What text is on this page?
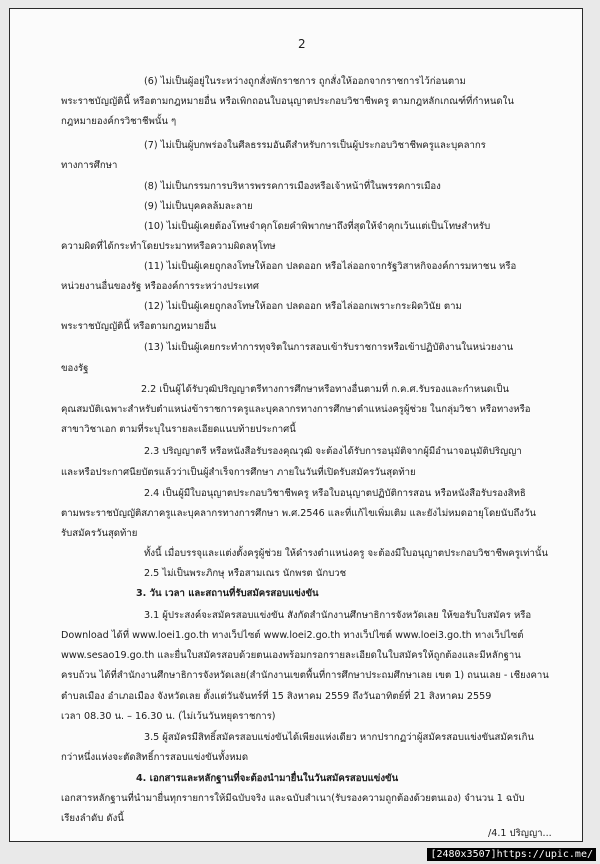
2
(6) ไม่เป็นผู้อยู่ในระหว่างถูกสั่งพักราชการ ถูกสั่งให้ออกจากราชการไว้ก่อนตาม
พระราชบัญญัตินี้ หรือตามกฎหมายอื่น หรือเพิกถอนใบอนุญาตประกอบวิชาชีพครู ตามกฎหลักเกณฑ์ที่กำหนดใน
กฎหมายองค์กรวิชาชีพนั้น ๆ
(7) ไม่เป็นผู้บกพร่องในศีลธรรมอันดีสำหรับการเป็นผู้ประกอบวิชาชีพครูและบุคลากร
ทางการศึกษา
(8) ไม่เป็นกรรมการบริหารพรรคการเมืองหรือเจ้าหน้าที่ในพรรคการเมือง
(9) ไม่เป็นบุคคลล้มละลาย
(10) ไม่เป็นผู้เคยต้องโทษจำคุกโดยคำพิพากษาถึงที่สุดให้จำคุกเว้นแต่เป็นโทษสำหรับ
ความผิดที่ได้กระทำโดยประมาทหรือความผิดลหุโทษ
(11) ไม่เป็นผู้เคยถูกลงโทษให้ออก ปลดออก หรือไล่ออกจากรัฐวิสาหกิจองค์การมหาชน หรือ
หน่วยงานอื่นของรัฐ หรือองค์การระหว่างประเทศ
(12) ไม่เป็นผู้เคยถูกลงโทษให้ออก ปลดออก หรือไล่ออกเพราะกระผิดวินัย ตาม
พระราชบัญญัตินี้ หรือตามกฎหมายอื่น
(13) ไม่เป็นผู้เคยกระทำการทุจริตในการสอบเข้ารับราชการหรือเข้าปฏิบัติงานในหน่วยงาน
ของรัฐ
2.2 เป็นผู้ได้รับวุฒิปริญญาตรีทางการศึกษาหรือทางอื่นตามที่ ก.ค.ศ.รับรองและกำหนดเป็น
คุณสมบัติเฉพาะสำหรับตำแหน่งข้าราชการครูและบุคลากรทางการศึกษาตำแหน่งครูผู้ช่วย ในกลุ่มวิชา หรือทางหรือ
สาขาวิชาเอก ตามที่ระบุในรายละเอียดแนบท้ายประกาศนี้
2.3 ปริญญาตรี หรือหนังสือรับรองคุณวุฒิ จะต้องได้รับการอนุมัติจากผู้มีอำนาจอนุมัติปริญญา
และหรือประกาศนียบัตรแล้วว่าเป็นผู้สำเร็จการศึกษา ภายในวันที่เปิดรับสมัครวันสุดท้าย
2.4 เป็นผู้มีใบอนุญาตประกอบวิชาชีพครู หรือใบอนุญาตปฏิบัติการสอน หรือหนังสือรับรองสิทธิ
ตามพระราชบัญญัติสภาครูและบุคลากรทางการศึกษา พ.ศ.2546 และที่แก้ไขเพิ่มเติม และยังไม่หมดอายุโดยนับถึงวัน
รับสมัครวันสุดท้าย
ทั้งนี้ เมื่อบรรจุและแต่งตั้งครูผู้ช่วย ให้ดำรงตำแหน่งครู จะต้องมีใบอนุญาตประกอบวิชาชีพครูเท่านั้น
2.5 ไม่เป็นพระภิกษุ หรือสามเณร นักพรต นักบวช
3. วัน เวลา และสถานที่รับสมัครสอบแข่งขัน
3.1 ผู้ประสงค์จะสมัครสอบแข่งขัน สังกัดสำนักงานศึกษาธิการจังหวัดเลย ให้ขอรับใบสมัคร หรือ
Download ได้ที่ www.loei1.go.th ทางเว็ปไซต์ www.loei2.go.th ทางเว็ปไซต์ www.loei3.go.th ทางเว็ปไซต์
www.sesao19.go.th และยื่นใบสมัครสอบด้วยตนเองพร้อมกรอกรายละเอียดในใบสมัครให้ถูกต้องและมีหลักฐาน
ครบถ้วน ได้ที่สำนักงานศึกษาธิการจังหวัดเลย(สำนักงานเขตพื้นที่การศึกษาประถมศึกษาเลย เขต 1) ถนนเลย - เชียงคาน
ตำบลเมือง อำเภอเมือง จังหวัดเลย ตั้งแต่วันจันทร์ที่ 15 สิงหาคม 2559 ถึงวันอาทิตย์ที่ 21 สิงหาคม 2559
เวลา 08.30 น. – 16.30 น. (ไม่เว้นวันหยุดราชการ)
3.5 ผู้สมัครมีสิทธิ์สมัครสอบแข่งขันได้เพียงแห่งเดียว หากปรากฏว่าผู้สมัครสอบแข่งขันสมัครเกิน
กว่าหนึ่งแห่งจะตัดสิทธิ์การสอบแข่งขันทั้งหมด
4. เอกสารและหลักฐานที่จะต้องนำมายื่นในวันสมัครสอบแข่งขัน
เอกสารหลักฐานที่นำมายื่นทุกรายการให้มีฉบับจริง และฉบับสำเนา(รับรองความถูกต้องด้วยตนเอง) จำนวน 1 ฉบับ
เรียงลำดับ ดังนี้
/4.1 ปริญญา...
[2480x3507]https://upic.me/
